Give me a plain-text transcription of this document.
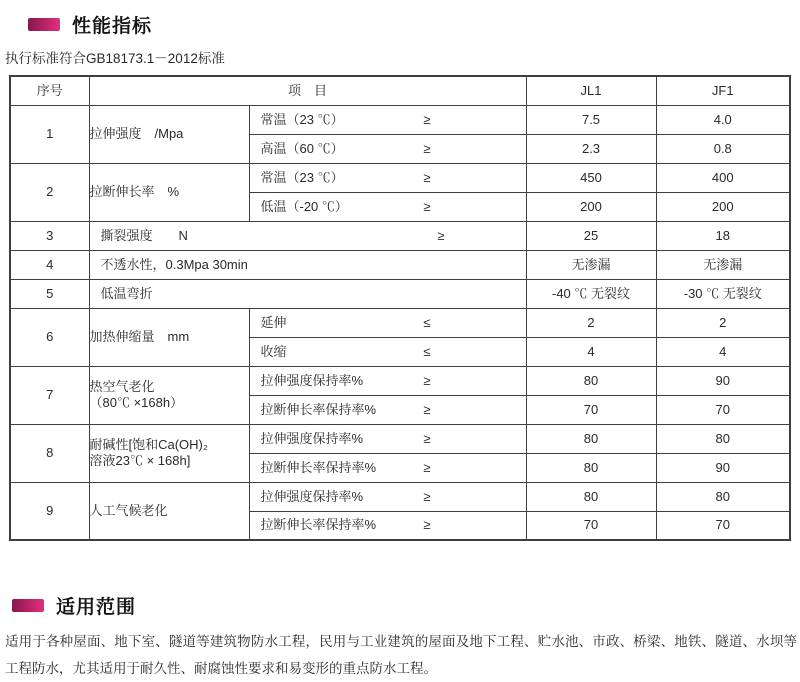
性能指标
执行标准符合GB18173.1－2012标准
序号	项　目		JL1	JF1
1	拉伸强度　/Mpa	常温（23 ℃） ≥	7.5	4.0

		高温（60 ℃） ≥	2.3	0.8
2	拉断伸长率　%	常温（23 ℃） ≥	450	400

		低温（-20 ℃） ≥	200	200
3	撕裂强度　　N ≥		25	18
4	不透水性，0.3Mpa 30min		无渗漏	无渗漏
5	低温弯折		-40 ℃ 无裂纹	-30 ℃ 无裂纹
6	加热伸缩量　mm	延伸 ≤	2	2

		收缩 ≤	4	4
7	热空气老化
（80℃ ×168h）	拉伸强度保持率% ≥	80	90

		拉断伸长率保持率% ≥	70	70
8	耐碱性[饱和Ca(OH)₂
溶液23℃ × 168h]	拉伸强度保持率% ≥	80	80

		拉断伸长率保持率% ≥	80	90
9	人工气候老化	拉伸强度保持率% ≥	80	80

		拉断伸长率保持率% ≥	70	70
适用范围
适用于各种屋面、地下室、隧道等建筑物防水工程，民用与工业建筑的屋面及地下工程、贮水池、市政、桥梁、地铁、隧道、水坝等工程防水，尤其适用于耐久性、耐腐蚀性要求和易变形的重点防水工程。
